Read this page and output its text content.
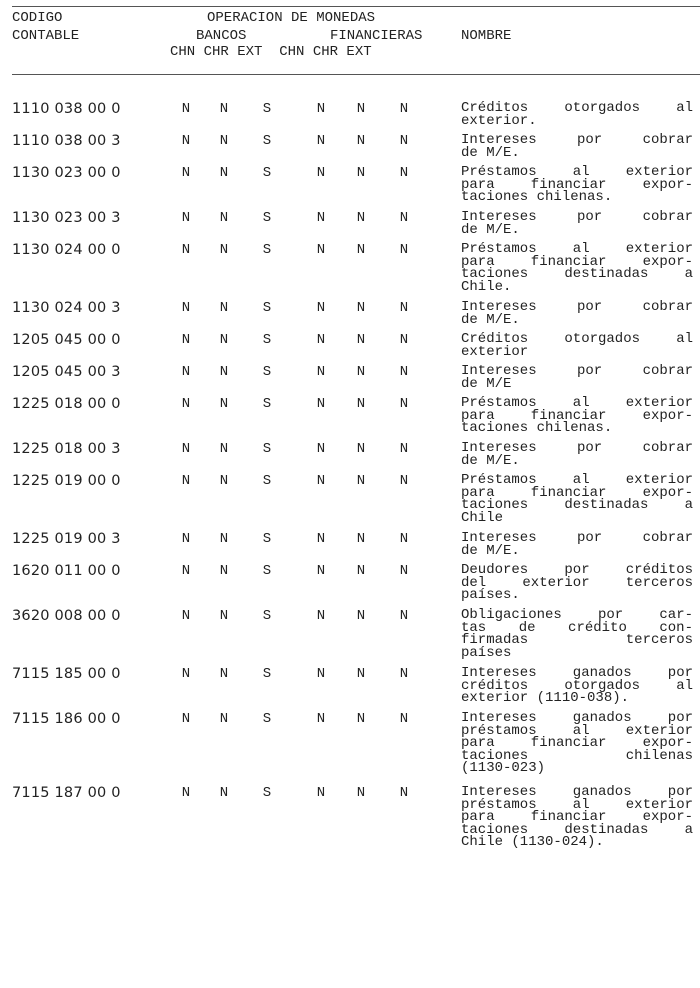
CODIGO
CONTABLE
OPERACION DE MONEDAS
BANCOS	FINANCIERAS	NOMBRE
CHN CHR EXT  CHN CHR EXT
1110 038 00 0	N	N	S	N	N	N	Créditos otorgados al
exterior.
1110 038 00 3	N	N	S	N	N	N	Intereses por cobrar
de M/E.
1130 023 00 0	N	N	S	N	N	N	Préstamos al exterior
para financiar expor-
taciones chilenas.
1130 023 00 3	N	N	S	N	N	N	Intereses por cobrar
de M/E.
1130 024 00 0	N	N	S	N	N	N	Préstamos al exterior
para financiar expor-
taciones destinadas a
Chile.
1130 024 00 3	N	N	S	N	N	N	Intereses por cobrar
de M/E.
1205 045 00 0	N	N	S	N	N	N	Créditos otorgados al
exterior
1205 045 00 3	N	N	S	N	N	N	Intereses por cobrar
de M/E
1225 018 00 0	N	N	S	N	N	N	Préstamos al exterior
para financiar expor-
taciones chilenas.
1225 018 00 3	N	N	S	N	N	N	Intereses por cobrar
de M/E.
1225 019 00 0	N	N	S	N	N	N	Préstamos al exterior
para financiar expor-
taciones destinadas a
Chile
1225 019 00 3	N	N	S	N	N	N	Intereses por cobrar
de M/E.
1620 011 00 0	N	N	S	N	N	N	Deudores por créditos
del exterior terceros
países.
3620 008 00 0	N	N	S	N	N	N	Obligaciones por car-
tas de crédito con-
firmadas terceros
países
7115 185 00 0	N	N	S	N	N	N	Intereses ganados por
créditos otorgados al
exterior (1110-038).
7115 186 00 0	N	N	S	N	N	N	Intereses ganados por
préstamos al exterior
para financiar expor-
taciones chilenas
(1130-023)
7115 187 00 0	N	N	S	N	N	N	Intereses ganados por
préstamos al exterior
para financiar expor-
taciones destinadas a
Chile (1130-024).
